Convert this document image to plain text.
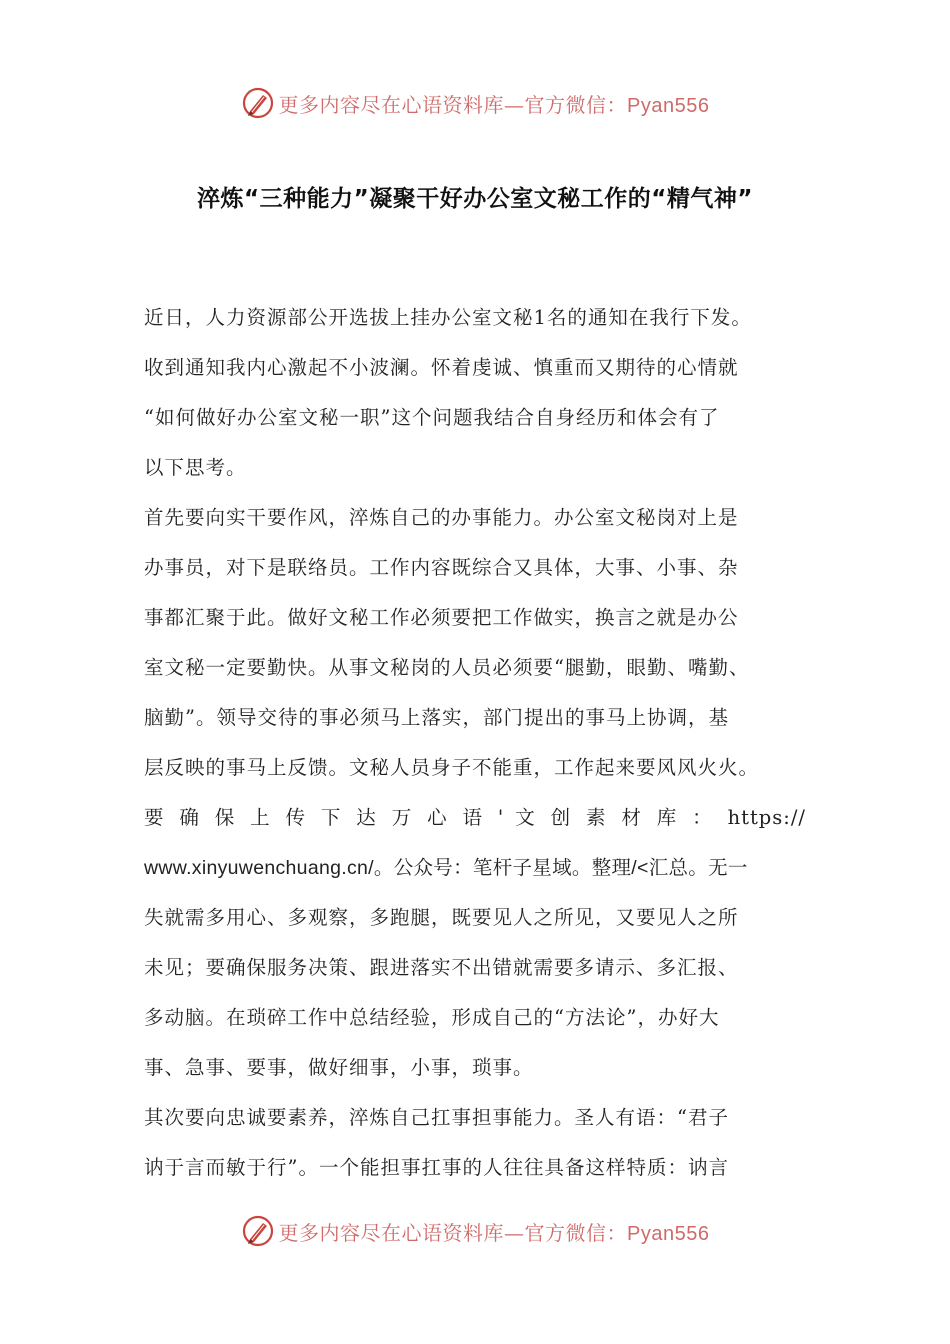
更多内容尽在心语资料库—官方微信：Pyan556
淬炼“三种能力”凝聚干好办公室文秘工作的“精气神”
近日，人力资源部公开选拔上挂办公室文秘1名的通知在我行下发。
收到通知我内心激起不小波澜。怀着虔诚、慎重而又期待的心情就
“如何做好办公室文秘一职”这个问题我结合自身经历和体会有了
以下思考。
首先要向实干要作风，淬炼自己的办事能力。办公室文秘岗对上是
办事员，对下是联络员。工作内容既综合又具体，大事、小事、杂
事都汇聚于此。做好文秘工作必须要把工作做实，换言之就是办公
室文秘一定要勤快。从事文秘岗的人员必须要“腿勤，眼勤、嘴勤、
脑勤”。领导交待的事必须马上落实，部门提出的事马上协调，基
层反映的事马上反馈。文秘人员身子不能重，工作起来要风风火火。
要 确 保 上 传 下 达 万 心 语 ' 文 创 素 材 库 ： https://
www.xinyuwenchuang.cn/。公众号：笔杆子星域。整理/<汇总。无一
失就需多用心、多观察，多跑腿，既要见人之所见，又要见人之所
未见；要确保服务决策、跟进落实不出错就需要多请示、多汇报、
多动脑。在琐碎工作中总结经验，形成自己的“方法论”，办好大
事、急事、要事，做好细事，小事，琐事。
其次要向忠诚要素养，淬炼自己扛事担事能力。圣人有语：“君子
讷于言而敏于行”。一个能担事扛事的人往往具备这样特质：讷言
更多内容尽在心语资料库—官方微信：Pyan556
